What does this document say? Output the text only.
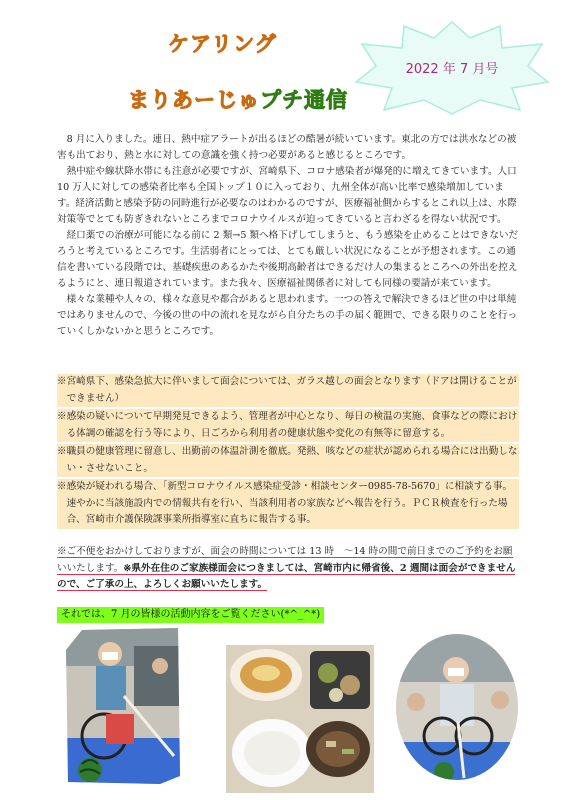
ケアリング
まりあーじゅプチ通信
2022 年 7 月号

8 月に入りました。連日、熱中症アラートが出るほどの酷暑が続いています。東北の方では洪水などの被害も出ており、熱と水に対しての意識を強く持つ必要があると感じるところです。

熱中症や線状降水帯にも注意が必要ですが、宮崎県下、コロナ感染者が爆発的に増えてきています。人口 10 万人に対しての感染者比率も全国トップ１０に入っており、九州全体が高い比率で感染増加しています。経済活動と感染予防の同時進行が必要なのはわかるのですが、医療福祉側からするとこれ以上は、水際対策等でとても防ぎきれないところまでコロナウイルスが迫ってきていると言わざるを得ない状況です。

経口薬での治療が可能になる前に 2 類→5 類へ格下げしてしまうと、もう感染を止めることはできないだろうと考えているところです。生活弱者にとっては、とても厳しい状況になることが予想されます。この通信を書いている段階では、基礎疾患のあるかたや後期高齢者はできるだけ人の集まるところへの外出を控えるようにと、連日報道されています。また我々、医療福祉関係者に対しても同様の要請が来ています。

様々な業種や人々の、様々な意見や都合があると思われます。一つの答えで解決できるほど世の中は単純ではありませんので、今後の世の中の流れを見ながら自分たちの手の届く範囲で、できる限りのことを行っていくしかないかと思うところです。

※宮崎県下、感染急拡大に伴いまして面会については、ガラス越しの面会となります（ドアは開けることができません）
※感染の疑いについて早期発見できるよう、管理者が中心となり、毎日の検温の実施、食事などの際における体調の確認を行う等により、日ごろから利用者の健康状態や変化の有無等に留意する。
※職員の健康管理に留意し、出勤前の体温計測を徹底。発熱、咳などの症状が認められる場合には出勤しない・させないこと。
※感染が疑われる場合、「新型コロナウイルス感染症受診・相談センター0985-78-5670」に相談する事。速やかに当該施設内での情報共有を行い、当該利用者の家族などへ報告を行う。ＰＣＲ検査を行った場合、宮崎市介護保険課事業所指導室に直ちに報告する事。
※ご不便をおかけしておりますが、面会の時間については 13 時　～14 時の間で前日までのご予約をお願いいたします。※県外在住のご家族様面会につきましては、宮崎市内に帰省後、2 週間は面会ができませんので、ご了承の上、よろしくお願いいたします。
それでは、7 月の皆様の活動内容をご覧ください(*^_^*)
